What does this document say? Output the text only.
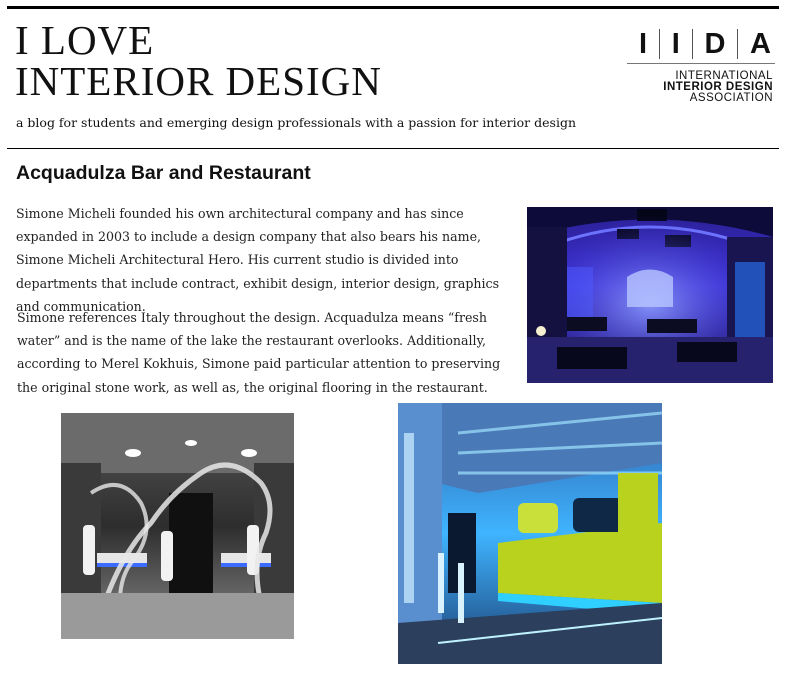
I LOVE
INTERIOR DESIGN

a blog for students and emerging design professionals with a passion for interior design

I I D A
INTERNATIONAL
INTERIOR DESIGN
ASSOCIATION
Acquadulza Bar and Restaurant

Simone Micheli founded his own architectural company and has since expanded in 2003 to include a design company that also bears his name, Simone Micheli Architectural Hero. His current studio is divided into departments that include contract, exhibit design, interior design, graphics and communication.

Simone references Italy throughout the design. Acquadulza means “fresh water” and is the name of the lake the restaurant overlooks. Additionally, according to Merel Kokhuis, Simone paid particular attention to preserving the original stone work, as well as, the original flooring in the restaurant.
